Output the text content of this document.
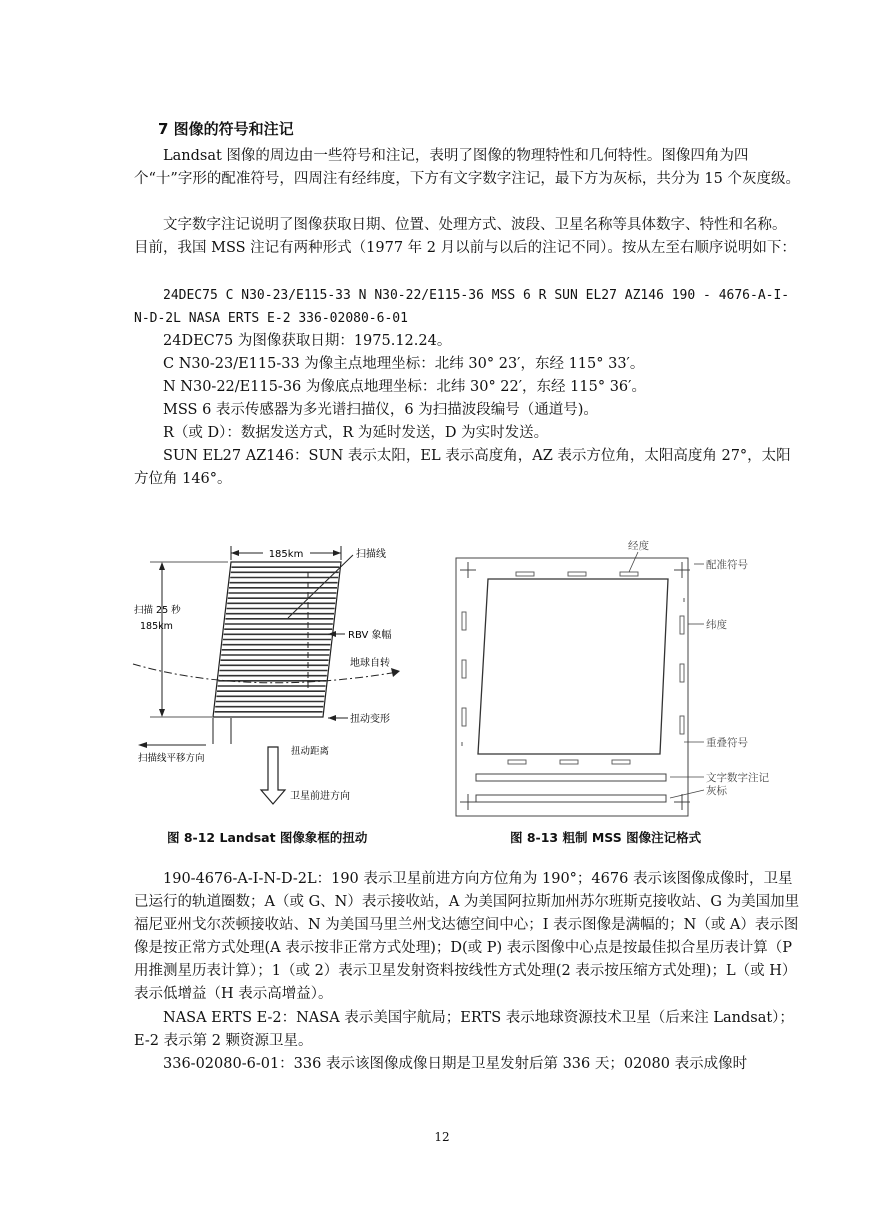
7 图像的符号和注记
Landsat 图像的周边由一些符号和注记，表明了图像的物理特性和几何特性。图像四角为四个“十”字形的配准符号，四周注有经纬度，下方有文字数字注记，最下方为灰标，共分为 15 个灰度级。
文字数字注记说明了图像获取日期、位置、处理方式、波段、卫星名称等具体数字、特性和名称。目前，我国 MSS 注记有两种形式（1977 年 2 月以前与以后的注记不同）。按从左至右顺序说明如下：
24DEC75 C N30-23/E115-33 N N30-22/E115-36 MSS 6 R SUN EL27 AZ146 190 - 4676-A-I-N-D-2L NASA ERTS E-2 336-02080-6-01
24DEC75 为图像获取日期：1975.12.24。
C N30-23/E115-33 为像主点地理坐标：北纬 30° 23′，东经 115° 33′。
N N30-22/E115-36 为像底点地理坐标：北纬 30° 22′，东经 115° 36′。
MSS 6 表示传感器为多光谱扫描仪，6 为扫描波段编号（通道号)。
R（或 D）：数据发送方式，R 为延时发送，D 为实时发送。
SUN EL27 AZ146：SUN 表示太阳，EL 表示高度角，AZ 表示方位角，太阳高度角 27°，太阳方位角 146°。
185km	扫描线
扫描 25 秒
185km
RBV 象幅
地球自转
扭动变形
扫描线平移方向
扭动距离
卫星前进方向
经度
配准符号
纬度
重叠符号
文字数字注记
灰标
图 8-12 Landsat 图像象框的扭动	图 8-13 粗制 MSS 图像注记格式
190-4676-A-I-N-D-2L：190 表示卫星前进方向方位角为 190°；4676 表示该图像成像时，卫星已运行的轨道圈数；A（或 G、N）表示接收站，A 为美国阿拉斯加州苏尔班斯克接收站、G 为美国加里福尼亚州戈尔茨顿接收站、N 为美国马里兰州戈达德空间中心；I 表示图像是满幅的；N（或 A）表示图像是按正常方式处理(A 表示按非正常方式处理)；D(或 P) 表示图像中心点是按最佳拟合星历表计算（P 用推测星历表计算）；1（或 2）表示卫星发射资料按线性方式处理(2 表示按压缩方式处理)；L（或 H）表示低增益（H 表示高增益）。
NASA ERTS E-2：NASA 表示美国宇航局；ERTS 表示地球资源技术卫星（后来注 Landsat）；E-2 表示第 2 颗资源卫星。
336-02080-6-01：336 表示该图像成像日期是卫星发射后第 336 天；02080 表示成像时
12
